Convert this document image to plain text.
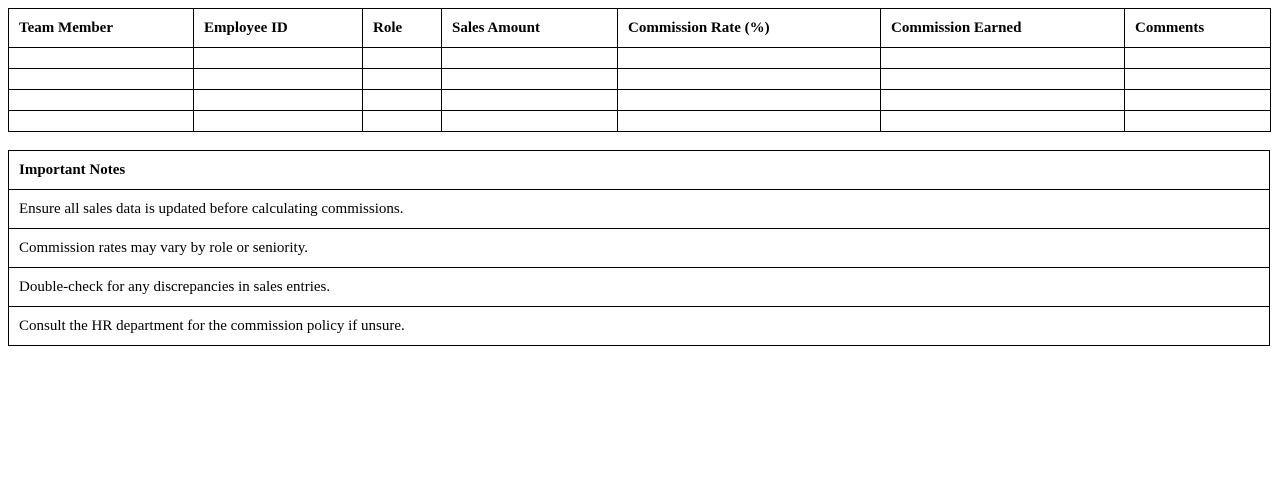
Team Member	Employee ID	Role	Sales Amount	Commission Rate (%)	Commission Earned	Comments

Important Notes
Ensure all sales data is updated before calculating commissions.
Commission rates may vary by role or seniority.
Double-check for any discrepancies in sales entries.
Consult the HR department for the commission policy if unsure.
